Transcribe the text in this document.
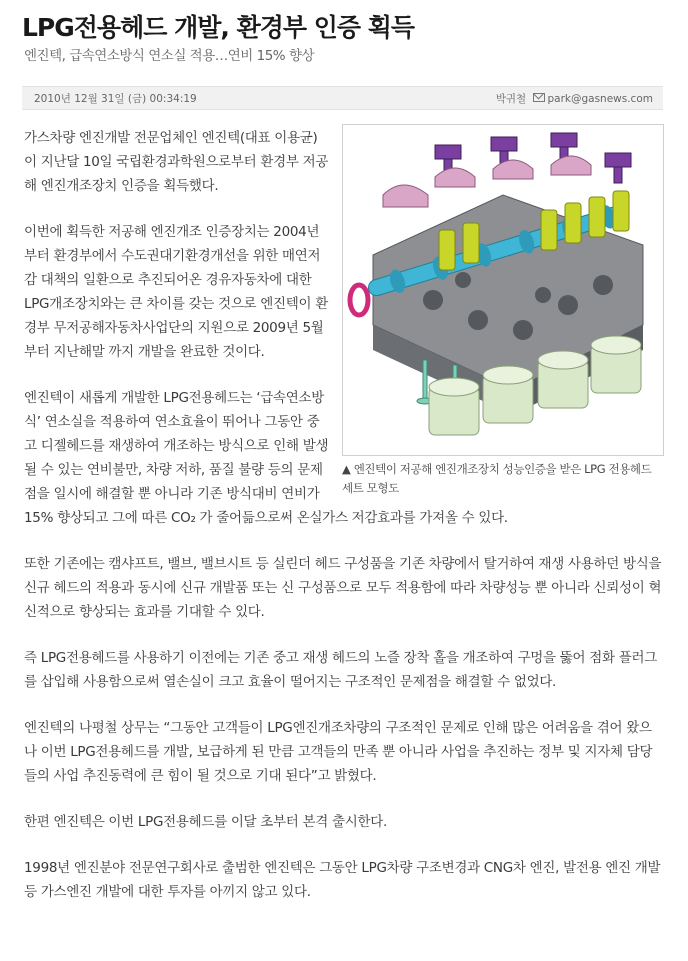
LPG전용헤드 개발, 환경부 인증 획득
엔진텍, 급속연소방식 연소실 적용…연비 15% 향상
2010년 12월 31일 (금) 00:34:19	박귀철 park@gasnews.com
▲ 엔진텍이 저공해 엔진개조장치 성능인증을 받은 LPG 전용헤드 세트 모형도

가스차량 엔진개발 전문업체인 엔진텍(대표 이용균)이 지난달 10일 국립환경과학원으로부터 환경부 저공해 엔진개조장치 인증을 획득했다.

이번에 획득한 저공해 엔진개조 인증장치는 2004년부터 환경부에서 수도권대기환경개선을 위한 매연저감 대책의 일환으로 추진되어온 경유자동차에 대한 LPG개조장치와는 큰 차이를 갖는 것으로 엔진텍이 환경부 무저공해자동차사업단의 지원으로 2009년 5월부터 지난해말 까지 개발을 완료한 것이다.

엔진텍이 새롭게 개발한 LPG전용헤드는 ‘급속연소방식’ 연소실을 적용하여 연소효율이 뛰어나 그동안 중고 디젤헤드를 재생하여 개조하는 방식으로 인해 발생될 수 있는 연비불만, 차량 저하, 품질 불량 등의 문제점을 일시에 해결할 뿐 아니라 기존 방식대비 연비가 15% 향상되고 그에 따른 CO₂ 가 줄어듦으로써 온실가스 저감효과를 가져올 수 있다.

또한 기존에는 캠샤프트, 밸브, 밸브시트 등 실린더 헤드 구성품을 기존 차량에서 탈거하여 재생 사용하던 방식을 신규 헤드의 적용과 동시에 신규 개발품 또는 신 구성품으로 모두 적용함에 따라 차량성능 뿐 아니라 신뢰성이 혁신적으로 향상되는 효과를 기대할 수 있다.

즉 LPG전용헤드를 사용하기 이전에는 기존 중고 재생 헤드의 노즐 장착 홀을 개조하여 구멍을 뚫어 점화 플러그를 삽입해 사용함으로써 열손실이 크고 효율이 떨어지는 구조적인 문제점을 해결할 수 없었다.

엔진텍의 나평철 상무는 “그동안 고객들이 LPG엔진개조차량의 구조적인 문제로 인해 많은 어려움을 겪어 왔으나 이번 LPG전용헤드를 개발, 보급하게 된 만큼 고객들의 만족 뿐 아니라 사업을 추진하는 정부 및 지자체 담당들의 사업 추진동력에 큰 힘이 될 것으로 기대 된다”고 밝혔다.

한편 엔진텍은 이번 LPG전용헤드를 이달 초부터 본격 출시한다.

1998년 엔진분야 전문연구회사로 출범한 엔진텍은 그동안 LPG차량 구조변경과 CNG차 엔진, 발전용 엔진 개발 등 가스엔진 개발에 대한 투자를 아끼지 않고 있다.
